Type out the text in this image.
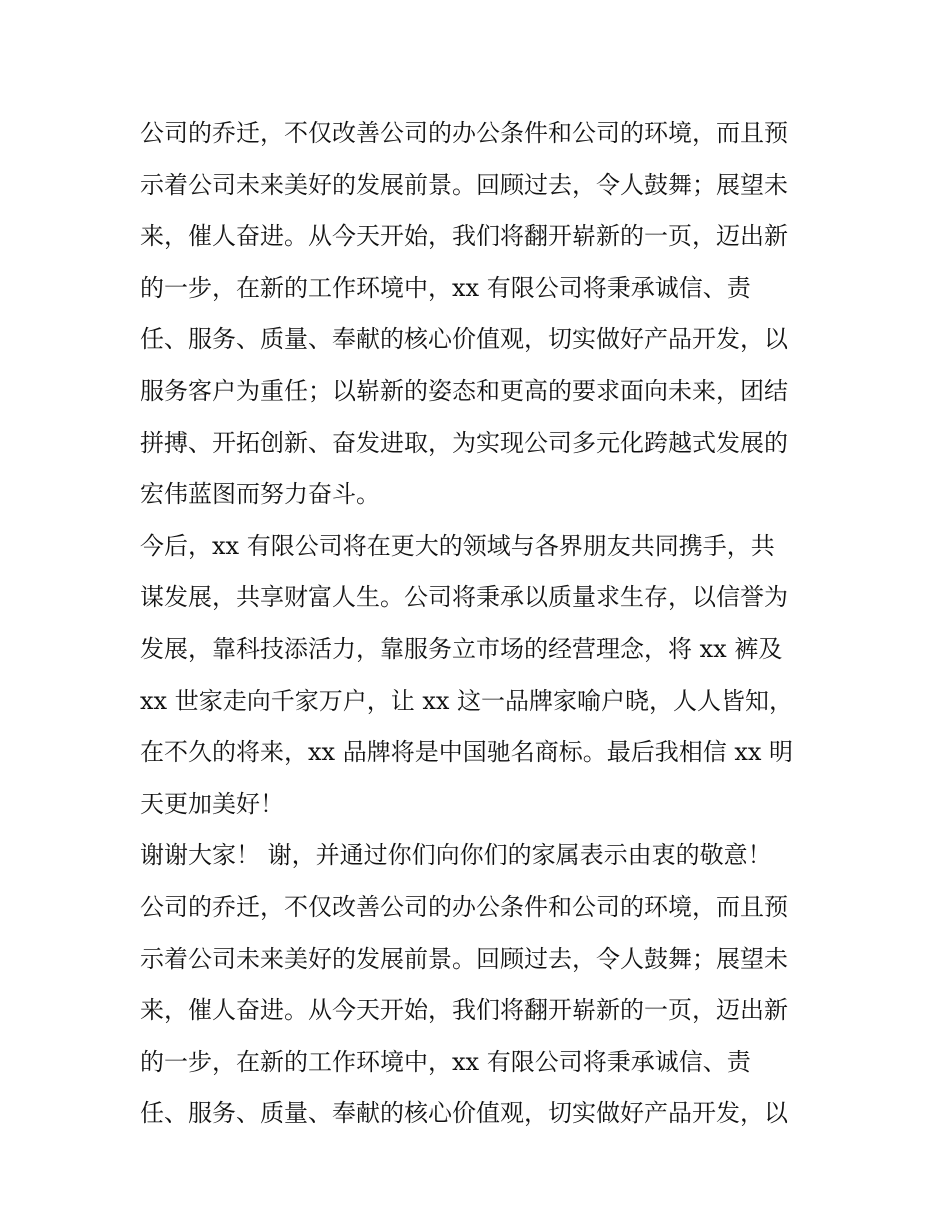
公司的乔迁，不仅改善公司的办公条件和公司的环境，而且预
示着公司未来美好的发展前景。回顾过去，令人鼓舞；展望未
来，催人奋进。从今天开始，我们将翻开崭新的一页，迈出新
的一步，在新的工作环境中，xx 有限公司将秉承诚信、责
任、服务、质量、奉献的核心价值观，切实做好产品开发，以
服务客户为重任；以崭新的姿态和更高的要求面向未来，团结
拼搏、开拓创新、奋发进取，为实现公司多元化跨越式发展的
宏伟蓝图而努力奋斗。
今后，xx 有限公司将在更大的领域与各界朋友共同携手，共
谋发展，共享财富人生。公司将秉承以质量求生存，以信誉为
发展，靠科技添活力，靠服务立市场的经营理念，将 xx 裤及
xx 世家走向千家万户，让 xx 这一品牌家喻户晓，人人皆知，
在不久的将来，xx 品牌将是中国驰名商标。最后我相信 xx 明
天更加美好！
谢谢大家！ 谢，并通过你们向你们的家属表示由衷的敬意！
公司的乔迁，不仅改善公司的办公条件和公司的环境，而且预
示着公司未来美好的发展前景。回顾过去，令人鼓舞；展望未
来，催人奋进。从今天开始，我们将翻开崭新的一页，迈出新
的一步，在新的工作环境中，xx 有限公司将秉承诚信、责
任、服务、质量、奉献的核心价值观，切实做好产品开发，以
